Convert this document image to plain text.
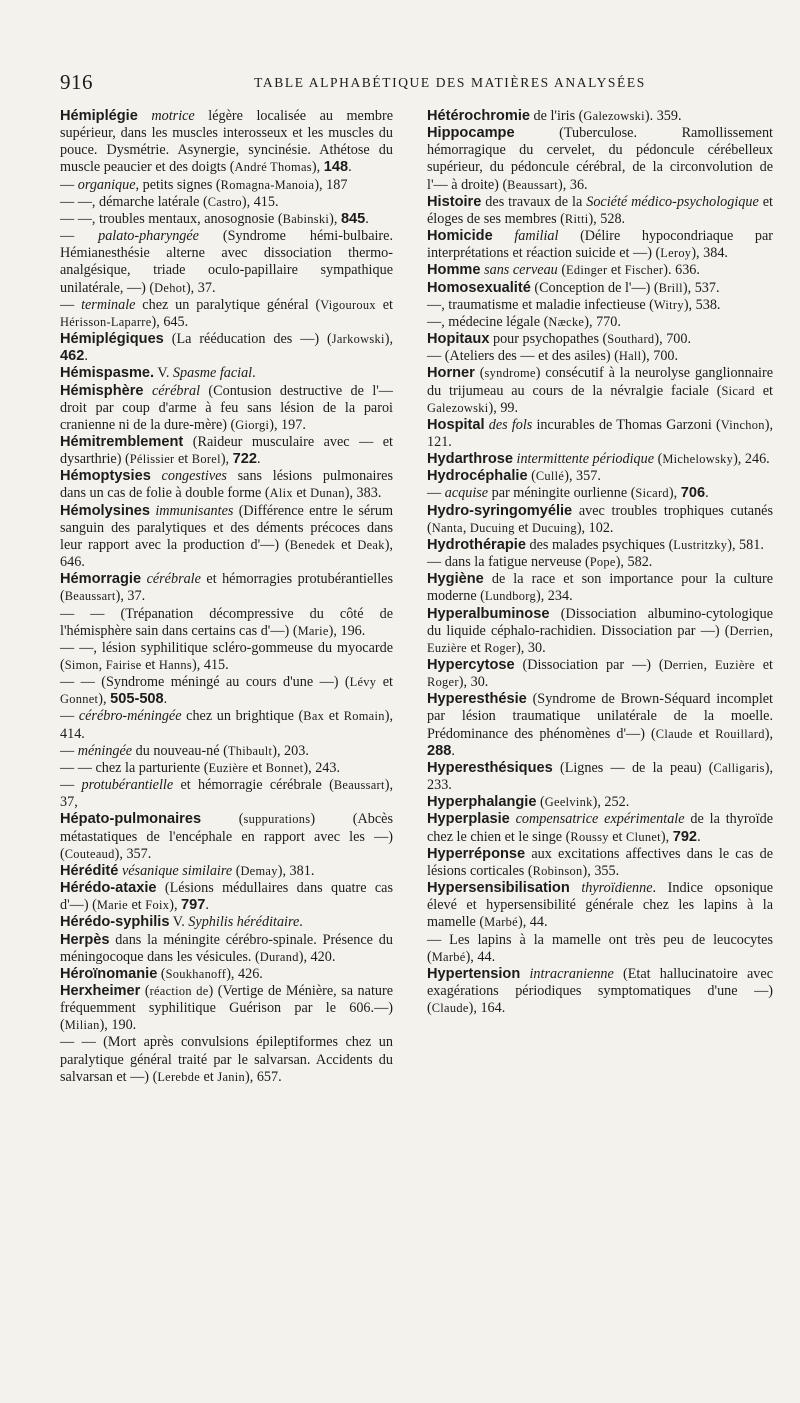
916	TABLE ALPHABÉTIQUE DES MATIÈRES ANALYSÉES

Hémiplégie motrice légère localisée au membre supérieur, dans les muscles interosseux et les muscles du pouce. Dysmétrie. Asynergie, syncinésie. Athétose du muscle peaucier et des doigts (André Thomas), 148.

— organique, petits signes (Romagna-Manoia), 187

— —, démarche latérale (Castro), 415.

— —, troubles mentaux, anosognosie (Babinski), 845.

— palato-pharyngée (Syndrome hémi-bulbaire. Hémianesthésie alterne avec dissociation thermo-analgésique, triade oculo-papillaire sympathique unilatérale, —) (Dehot), 37.

— terminale chez un paralytique général (Vigouroux et Hérisson-Laparre), 645.

Hémiplégiques (La rééducation des —) (Jarkowski), 462.

Hémispasme. V. Spasme facial.

Hémisphère cérébral (Contusion destructive de l'— droit par coup d'arme à feu sans lésion de la paroi cranienne ni de la dure-mère) (Giorgi), 197.

Hémitremblement (Raideur musculaire avec — et dysarthrie) (Pélissier et Borel), 722.

Hémoptysies congestives sans lésions pulmonaires dans un cas de folie à double forme (Alix et Dunan), 383.

Hémolysines immunisantes (Différence entre le sérum sanguin des paralytiques et des déments précoces dans leur rapport avec la production d'—) (Benedek et Deak), 646.

Hémorragie cérébrale et hémorragies protubérantielles (Beaussart), 37.

— — (Trépanation décompressive du côté de l'hémisphère sain dans certains cas d'—) (Marie), 196.

— —, lésion syphilitique scléro-gommeuse du myocarde (Simon, Fairise et Hanns), 415.

— — (Syndrome méningé au cours d'une —) (Lévy et Gonnet), 505-508.

— cérébro-méningée chez un brightique (Bax et Romain), 414.

— méningée du nouveau-né (Thibault), 203.

— — chez la parturiente (Euzière et Bonnet), 243.

— protubérantielle et hémorragie cérébrale (Beaussart), 37,

Hépato-pulmonaires (suppurations) (Abcès métastatiques de l'encéphale en rapport avec les —) (Couteaud), 357.

Hérédité vésanique similaire (Demay), 381.

Hérédo-ataxie (Lésions médullaires dans quatre cas d'—) (Marie et Foix), 797.

Hérédo-syphilis V. Syphilis héréditaire.

Herpès dans la méningite cérébro-spinale. Présence du méningocoque dans les vésicules. (Durand), 420.

Héroïnomanie (Soukhanoff), 426.

Herxheimer (réaction de) (Vertige de Ménière, sa nature fréquemment syphilitique Guérison par le 606.—) (Milian), 190.

— — (Mort après convulsions épileptiformes chez un paralytique général traité par le salvarsan. Accidents du salvarsan et —) (Lerebde et Janin), 657.

Hétérochromie de l'iris (Galezowski). 359.

Hippocampe (Tuberculose. Ramollissement hémorragique du cervelet, du pédoncule cérébelleux supérieur, du pédoncule cérébral, de la circonvolution de l'— à droite) (Beaussart), 36.

Histoire des travaux de la Société médico-psychologique et éloges de ses membres (Ritti), 528.

Homicide familial (Délire hypocondriaque par interprétations et réaction suicide et —) (Leroy), 384.

Homme sans cerveau (Edinger et Fischer). 636.

Homosexualité (Conception de l'—) (Brill), 537.

—, traumatisme et maladie infectieuse (Witry), 538.

—, médecine légale (Næcke), 770.

Hopitaux pour psychopathes (Southard), 700.

— (Ateliers des — et des asiles) (Hall), 700.

Horner (syndrome) consécutif à la neurolyse ganglionnaire du trijumeau au cours de la névralgie faciale (Sicard et Galezowski), 99.

Hospital des fols incurables de Thomas Garzoni (Vinchon), 121.

Hydarthrose intermittente périodique (Michelowsky), 246.

Hydrocéphalie (Cullé), 357.

— acquise par méningite ourlienne (Sicard), 706.

Hydro-syringomyélie avec troubles trophiques cutanés (Nanta, Ducuing et Ducuing), 102.

Hydrothérapie des malades psychiques (Lustritzky), 581.

— dans la fatigue nerveuse (Pope), 582.

Hygiène de la race et son importance pour la culture moderne (Lundborg), 234.

Hyperalbuminose (Dissociation albumino-cytologique du liquide céphalo-rachidien. Dissociation par —) (Derrien, Euzière et Roger), 30.

Hypercytose (Dissociation par —) (Derrien, Euzière et Roger), 30.

Hyperesthésie (Syndrome de Brown-Séquard incomplet par lésion traumatique unilatérale de la moelle. Prédominance des phénomènes d'—) (Claude et Rouillard), 288.

Hyperesthésiques (Lignes — de la peau) (Calligaris), 233.

Hyperphalangie (Geelvink), 252.

Hyperplasie compensatrice expérimentale de la thyroïde chez le chien et le singe (Roussy et Clunet), 792.

Hyperréponse aux excitations affectives dans le cas de lésions corticales (Robinson), 355.

Hypersensibilisation thyroïdienne. Indice opsonique élevé et hypersensibilité générale chez les lapins à la mamelle (Marbé), 44.

— Les lapins à la mamelle ont très peu de leucocytes (Marbé), 44.

Hypertension intracranienne (Etat hallucinatoire avec exagérations périodiques symptomatiques d'une —) (Claude), 164.
